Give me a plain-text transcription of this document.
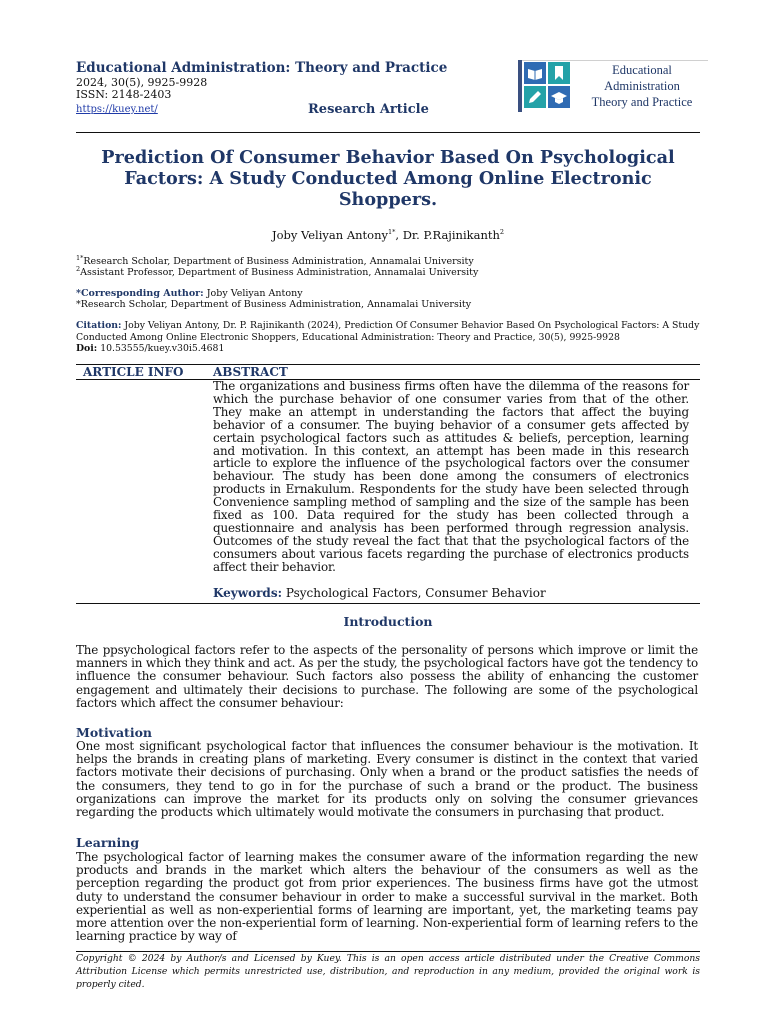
Educational Administration: Theory and Practice
2024, 30(5), 9925-9928
ISSN: 2148-2403
https://kuey.net/	Research Article
Educational
Administration
Theory and Practice
Prediction Of Consumer Behavior Based On Psychological Factors: A Study Conducted Among Online Electronic Shoppers.
Joby Veliyan Antony$^{1*}$, Dr. P.Rajinikanth$^2$
$^{1*}$Research Scholar, Department of Business Administration, Annamalai University
$^2$Assistant Professor, Department of Business Administration, Annamalai University
*Corresponding Author: Joby Veliyan Antony
*Research Scholar, Department of Business Administration, Annamalai University
Citation: Joby Veliyan Antony, Dr. P. Rajinikanth (2024), Prediction Of Consumer Behavior Based On Psychological Factors: A Study Conducted Among Online Electronic Shoppers, Educational Administration: Theory and Practice, 30(5), 9925-9928
Doi: 10.53555/kuey.v30i5.4681
ARTICLE INFO ABSTRACT
The organizations and business firms often have the dilemma of the reasons for which the purchase behavior of one consumer varies from that of the other. They make an attempt in understanding the factors that affect the buying behavior of a consumer. The buying behavior of a consumer gets affected by certain psychological factors such as attitudes & beliefs, perception, learning and motivation. In this context, an attempt has been made in this research article to explore the influence of the psychological factors over the consumer behaviour. The study has been done among the consumers of electronics products in Ernakulum. Respondents for the study have been selected through Convenience sampling method of sampling and the size of the sample has been fixed as 100. Data required for the study has been collected through a questionnaire and analysis has been performed through regression analysis. Outcomes of the study reveal the fact that that the psychological factors of the consumers about various facets regarding the purchase of electronics products affect their behavior.
Keywords: Psychological Factors, Consumer Behavior
Introduction
The ppsychological factors refer to the aspects of the personality of persons which improve or limit the manners in which they think and act. As per the study, the psychological factors have got the tendency to influence the consumer behaviour. Such factors also possess the ability of enhancing the customer engagement and ultimately their decisions to purchase. The following are some of the psychological factors which affect the consumer behaviour:
Motivation
One most significant psychological factor that influences the consumer behaviour is the motivation. It helps the brands in creating plans of marketing. Every consumer is distinct in the context that varied factors motivate their decisions of purchasing. Only when a brand or the product satisfies the needs of the consumers, they tend to go in for the purchase of such a brand or the product. The business organizations can improve the market for its products only on solving the consumer grievances regarding the products which ultimately would motivate the consumers in purchasing that product.
Learning
The psychological factor of learning makes the consumer aware of the information regarding the new products and brands in the market which alters the behaviour of the consumers as well as the perception regarding the product got from prior experiences. The business firms have got the utmost duty to understand the consumer behaviour in order to make a successful survival in the market. Both experiential as well as non-experiential forms of learning are important, yet, the marketing teams pay more attention over the non-experiential form of learning. Non-experiential form of learning refers to the learning practice by way of
Copyright © 2024 by Author/s and Licensed by Kuey. This is an open access article distributed under the Creative Commons Attribution License which permits unrestricted use, distribution, and reproduction in any medium, provided the original work is properly cited.
